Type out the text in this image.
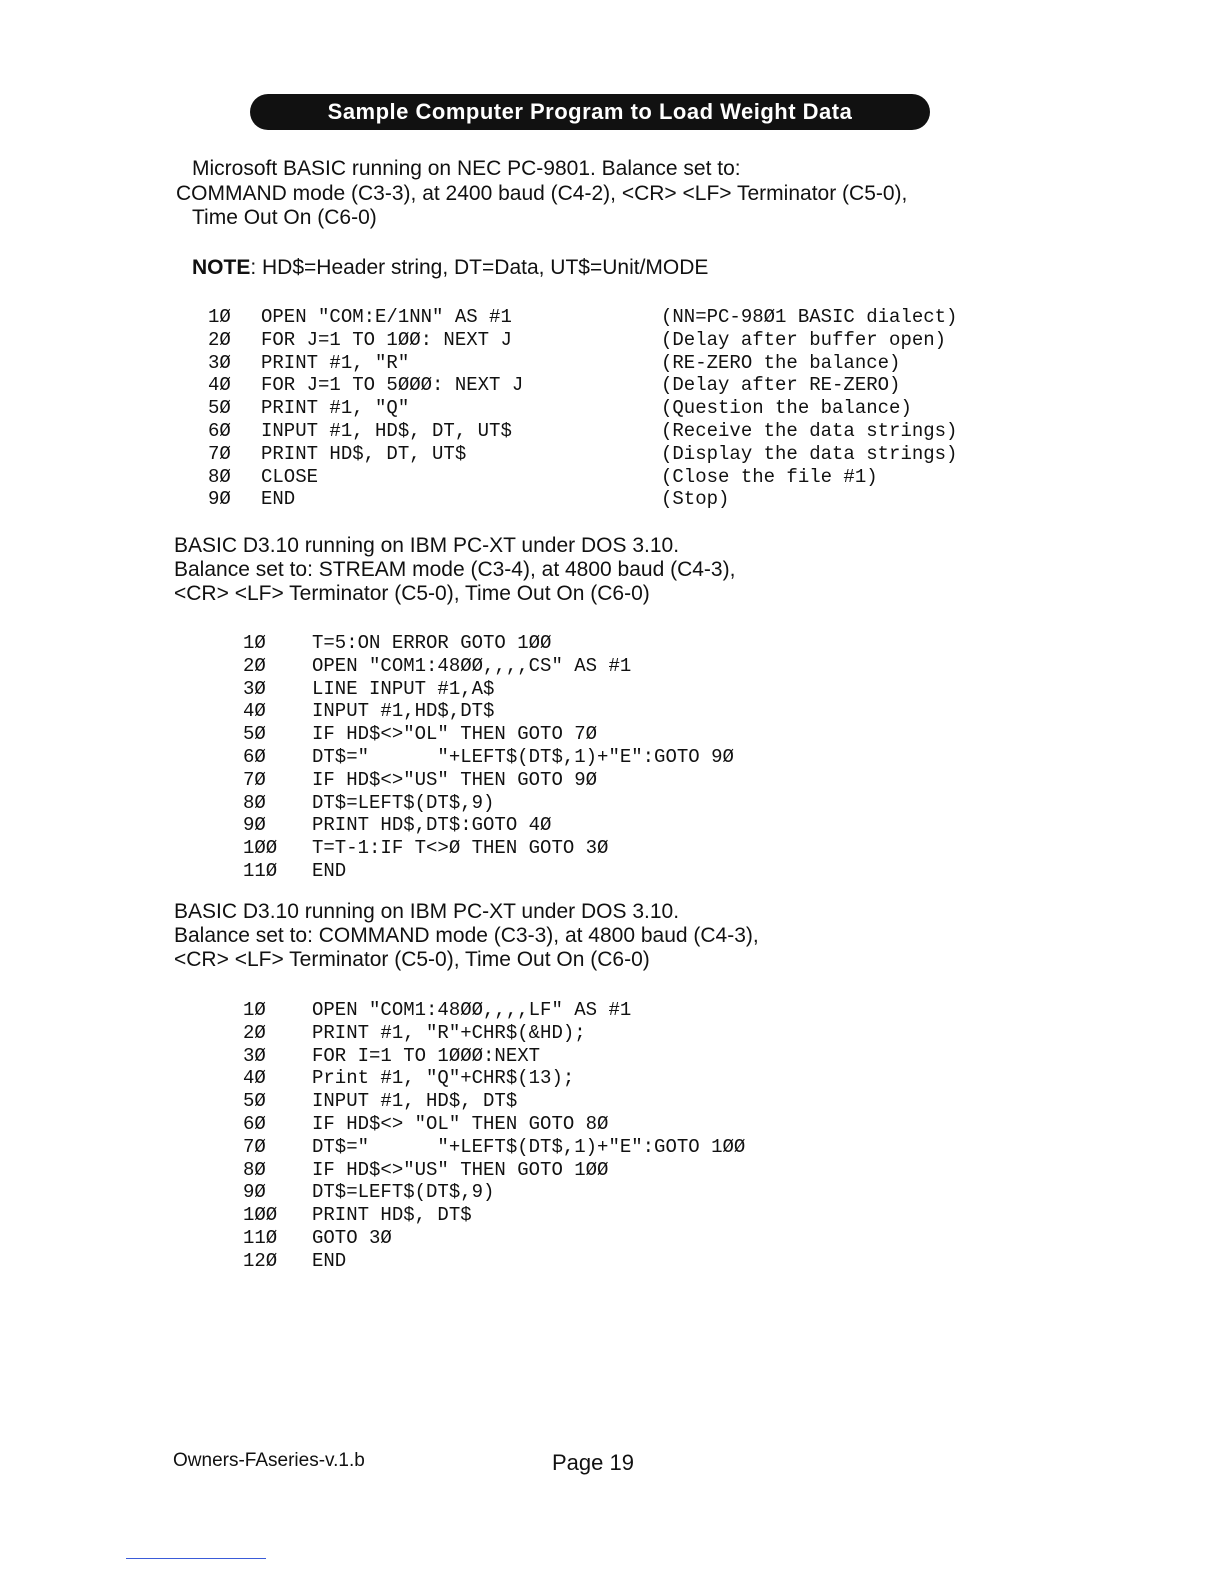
Sample Computer Program to Load Weight Data
Microsoft BASIC running on NEC PC-9801. Balance set to:
COMMAND mode (C3-3), at 2400 baud (C4-2), <CR> <LF> Terminator (C5-0),
Time Out On (C6-0)
NOTE: HD$=Header string, DT=Data, UT$=Unit/MODE
1Ø	OPEN "COM:E/1NN" AS #1	(NN=PC-98Ø1 BASIC dialect)
2Ø	FOR J=1 TO 1ØØ: NEXT J	(Delay after buffer open)
3Ø	PRINT #1, "R"	(RE-ZERO the balance)
4Ø	FOR J=1 TO 5ØØØ: NEXT J	(Delay after RE-ZERO)
5Ø	PRINT #1, "Q"	(Question the balance)
6Ø	INPUT #1, HD$, DT, UT$	(Receive the data strings)
7Ø	PRINT HD$, DT, UT$	(Display the data strings)
8Ø	CLOSE	(Close the file #1)
9Ø	END	(Stop)
BASIC D3.10 running on IBM PC-XT under DOS 3.10.
Balance set to: STREAM mode (C3-4), at 4800 baud (C4-3),
<CR> <LF> Terminator (C5-0), Time Out On (C6-0)
1Ø	T=5:ON ERROR GOTO 1ØØ
2Ø	OPEN "COM1:48ØØ,,,,CS" AS #1
3Ø	LINE INPUT #1,A$
4Ø	INPUT #1,HD$,DT$
5Ø	IF HD$<>"OL" THEN GOTO 7Ø
6Ø	DT$="      "+LEFT$(DT$,1)+"E":GOTO 9Ø
7Ø	IF HD$<>"US" THEN GOTO 9Ø
8Ø	DT$=LEFT$(DT$,9)
9Ø	PRINT HD$,DT$:GOTO 4Ø
1ØØ	T=T-1:IF T<>Ø THEN GOTO 3Ø
11Ø	END
BASIC D3.10 running on IBM PC-XT under DOS 3.10.
Balance set to: COMMAND mode (C3-3), at 4800 baud (C4-3),
<CR> <LF> Terminator (C5-0), Time Out On (C6-0)
1Ø	OPEN "COM1:48ØØ,,,,LF" AS #1
2Ø	PRINT #1, "R"+CHR$(&HD);
3Ø	FOR I=1 TO 1ØØØ:NEXT
4Ø	Print #1, "Q"+CHR$(13);
5Ø	INPUT #1, HD$, DT$
6Ø	IF HD$<> "OL" THEN GOTO 8Ø
7Ø	DT$="      "+LEFT$(DT$,1)+"E":GOTO 1ØØ
8Ø	IF HD$<>"US" THEN GOTO 1ØØ
9Ø	DT$=LEFT$(DT$,9)
1ØØ	PRINT HD$, DT$
11Ø	GOTO 3Ø
12Ø	END
Owners-FAseries-v.1.b	Page 19
